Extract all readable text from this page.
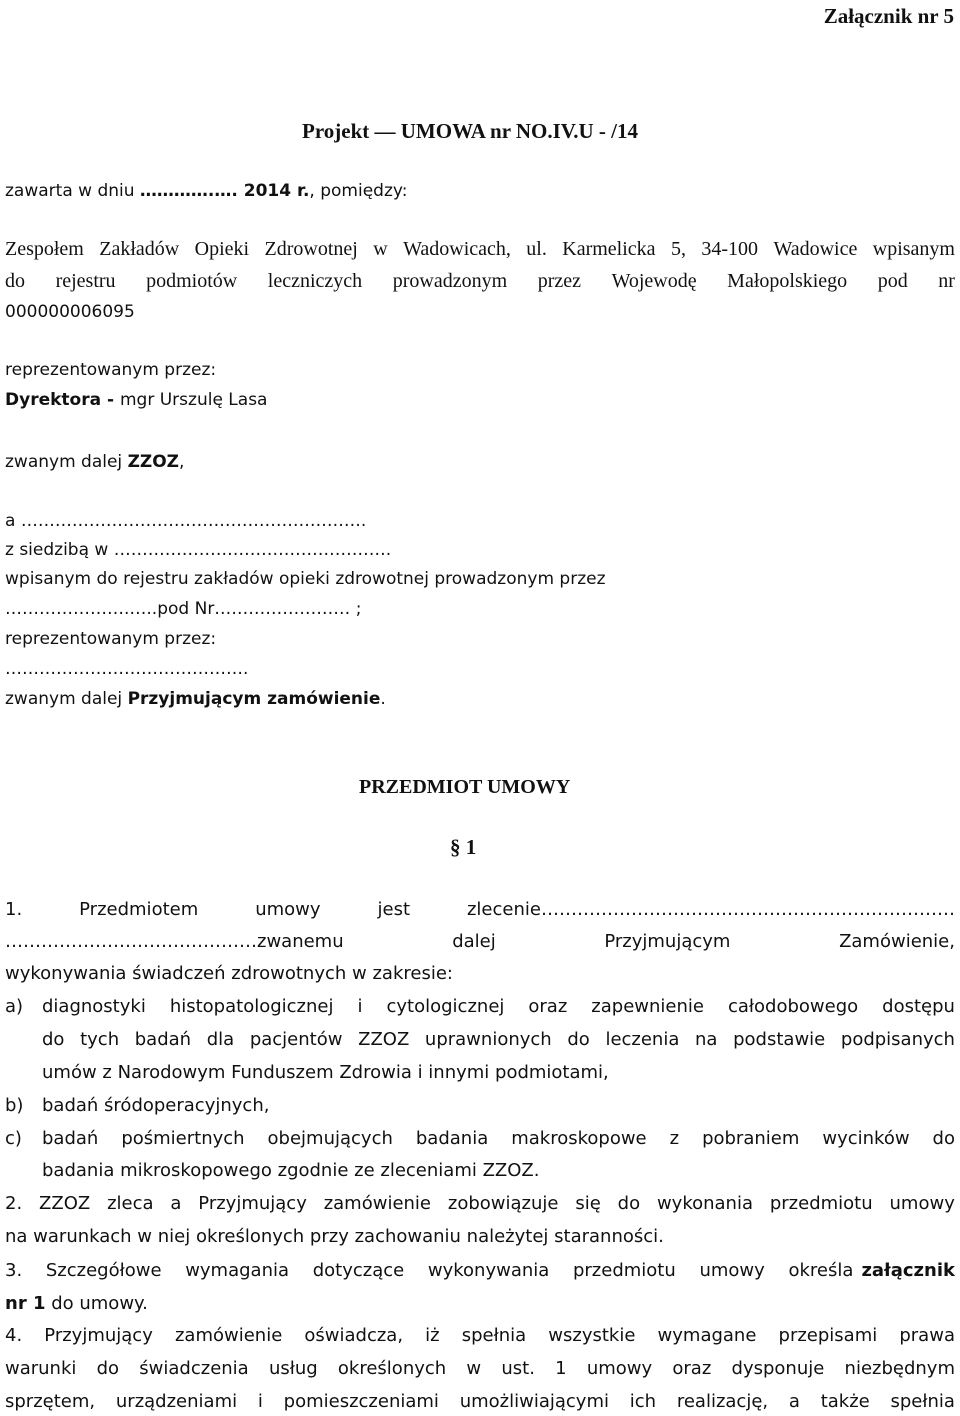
Załącznik nr 5
Projekt — UMOWA nr NO.IV.U - /14
zawarta w dniu ………….…. 2014 r., pomiędzy:
Zespołem Zakładów Opieki Zdrowotnej w Wadowicach, ul. Karmelicka 5, 34-100 Wadowice wpisanym
do rejestru podmiotów leczniczych prowadzonym przez Wojewodę Małopolskiego pod nr
000000006095
reprezentowanym przez:
Dyrektora - mgr Urszulę Lasa
zwanym dalej ZZOZ,
a …………………………………………………….
z siedzibą w ………………………………………….
wpisanym do rejestru zakładów opieki zdrowotnej prowadzonym przez
………………….…..pod Nr…………………… ;
reprezentowanym przez:
…………………………………….
zwanym dalej Przyjmującym zamówienie.
PRZEDMIOT UMOWY
§ 1
1.	Przedmiotem	umowy	jest	zlecenie……………………………………………………………
……………………………………zwanemu	dalej	Przyjmującym	Zamówienie,
wykonywania świadczeń zdrowotnych w zakresie:
a) diagnostyki histopatologicznej i cytologicznej oraz zapewnienie całodobowego dostępu
do tych badań dla pacjentów ZZOZ uprawnionych do leczenia na podstawie podpisanych
umów z Narodowym Funduszem Zdrowia i innymi podmiotami,
b) badań śródoperacyjnych,
c) badań pośmiertnych obejmujących badania makroskopowe z pobraniem wycinków do
badania mikroskopowego zgodnie ze zleceniami ZZOZ.
2. ZZOZ zleca a Przyjmujący zamówienie zobowiązuje się do wykonania przedmiotu umowy
na warunkach w niej określonych przy zachowaniu należytej staranności.
3. Szczegółowe wymagania dotyczące wykonywania przedmiotu umowy określa załącznik
nr 1 do umowy.
4. Przyjmujący zamówienie oświadcza, iż spełnia wszystkie wymagane przepisami prawa
warunki do świadczenia usług określonych w ust. 1 umowy oraz dysponuje niezbędnym
sprzętem, urządzeniami i pomieszczeniami umożliwiającymi ich realizację, a także spełnia
